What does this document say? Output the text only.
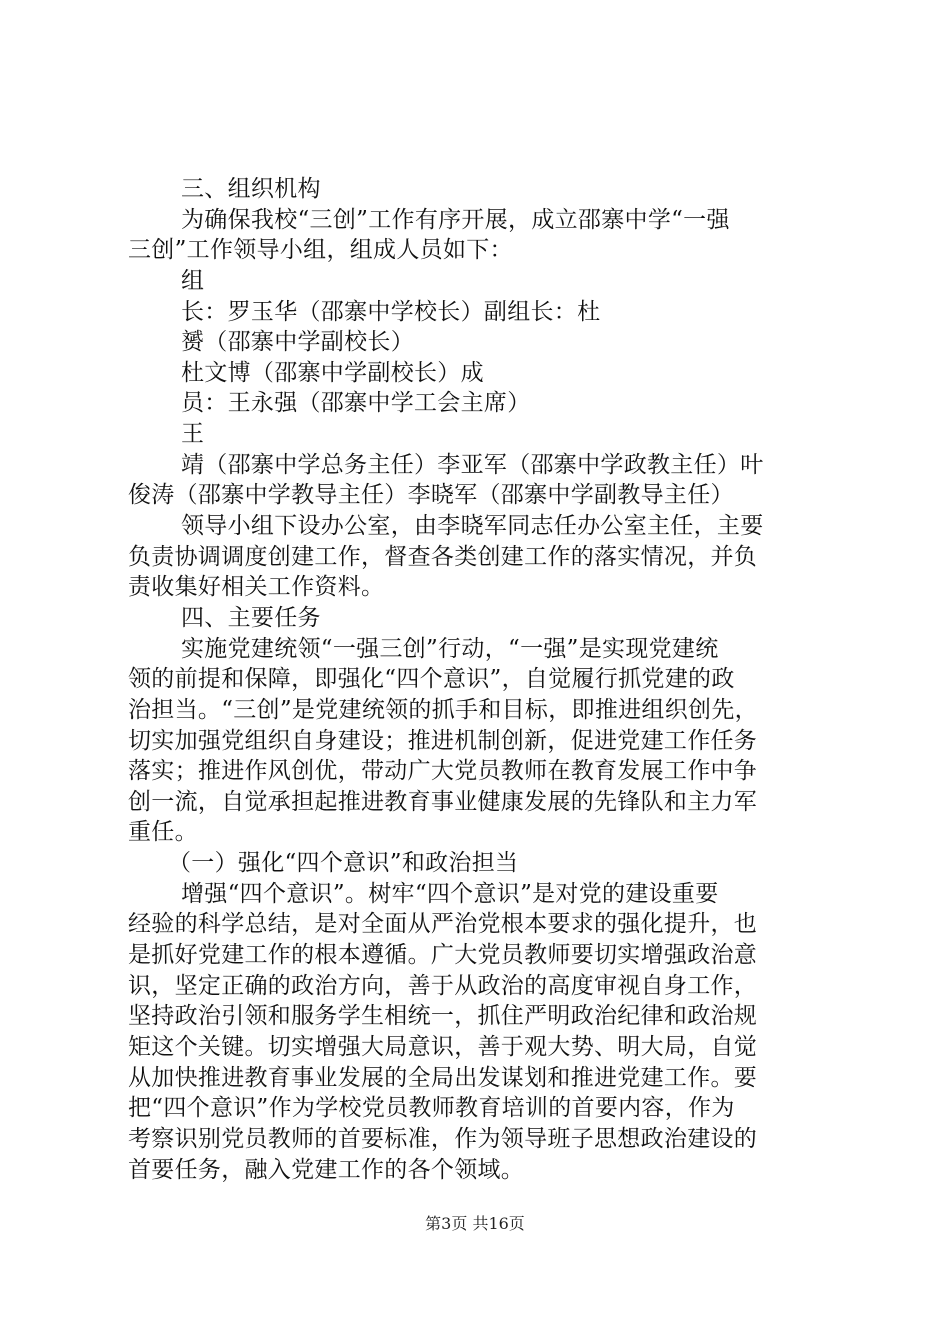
三、组织机构
为确保我校“三创”工作有序开展，成立邵寨中学“一强
三创”工作领导小组，组成人员如下：
组
长：罗玉华（邵寨中学校长）副组长：杜
赟（邵寨中学副校长）
杜文博（邵寨中学副校长）成
员：王永强（邵寨中学工会主席）
王
靖（邵寨中学总务主任）李亚军（邵寨中学政教主任）叶
俊涛（邵寨中学教导主任）李晓军（邵寨中学副教导主任）
领导小组下设办公室，由李晓军同志任办公室主任，主要
负责协调调度创建工作，督查各类创建工作的落实情况，并负
责收集好相关工作资料。
四、主要任务
实施党建统领“一强三创”行动，“一强”是实现党建统
领的前提和保障，即强化“四个意识”，自觉履行抓党建的政
治担当。“三创”是党建统领的抓手和目标，即推进组织创先，
切实加强党组织自身建设；推进机制创新，促进党建工作任务
落实；推进作风创优，带动广大党员教师在教育发展工作中争
创一流，自觉承担起推进教育事业健康发展的先锋队和主力军
重任。
（一）强化“四个意识”和政治担当
增强“四个意识”。树牢“四个意识”是对党的建设重要
经验的科学总结，是对全面从严治党根本要求的强化提升，也
是抓好党建工作的根本遵循。广大党员教师要切实增强政治意
识，坚定正确的政治方向，善于从政治的高度审视自身工作，
坚持政治引领和服务学生相统一，抓住严明政治纪律和政治规
矩这个关键。切实增强大局意识，善于观大势、明大局，自觉
从加快推进教育事业发展的全局出发谋划和推进党建工作。要
把“四个意识”作为学校党员教师教育培训的首要内容，作为
考察识别党员教师的首要标准，作为领导班子思想政治建设的
首要任务，融入党建工作的各个领域。
第3页 共16页
